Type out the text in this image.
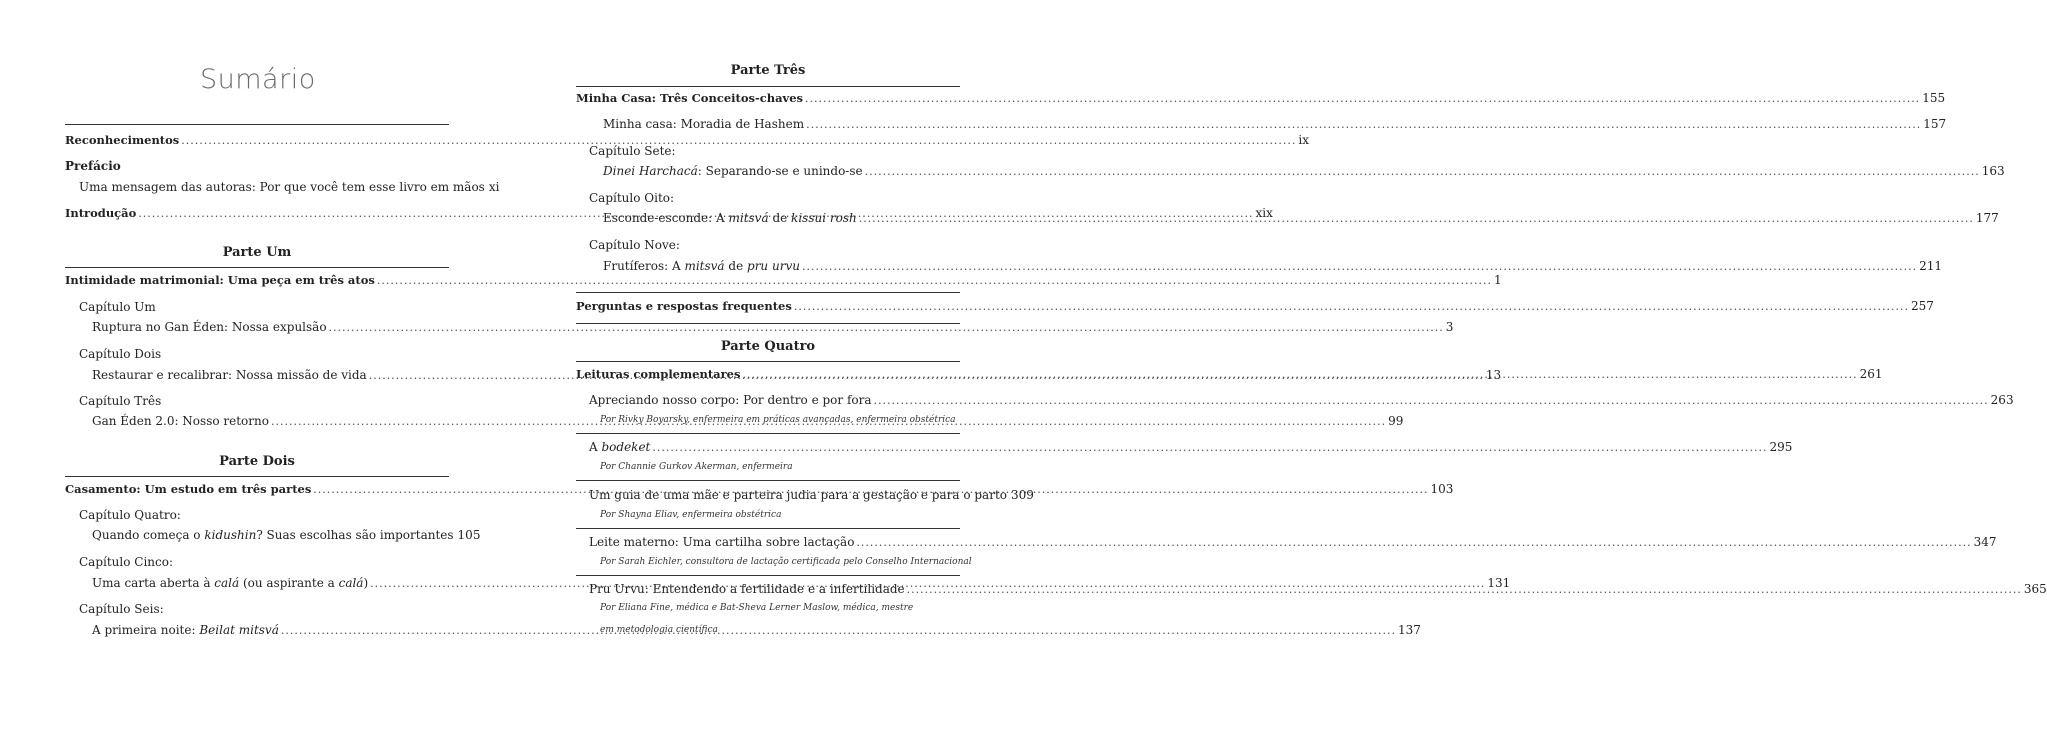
Sumário
Reconhecimentos .....	ix
Prefácio
Uma mensagem das autoras: Por que você tem esse livro em mãos xi
Introdução .....	xix
Parte Um
Intimidade matrimonial: Uma peça em três atos .....	1
Capítulo Um
Ruptura no Gan Éden: Nossa expulsão .....	3
Capítulo Dois
Restaurar e recalibrar: Nossa missão de vida .....	13
Capítulo Três
Gan Éden 2.0: Nosso retorno .....	99
Parte Dois
Casamento: Um estudo em três partes .....	103
Capítulo Quatro:
Quando começa o kidushin? Suas escolhas são importantes 105
Capítulo Cinco:
Uma carta aberta à calá (ou aspirante a calá) .....	131
Capítulo Seis:
A primeira noite: Beilat mitsvá .....	137
Parte Três
Minha Casa: Três Conceitos-chaves .....	155
Minha casa: Moradia de Hashem .....	157
Capítulo Sete:
Dinei Harchacá: Separando-se e unindo-se .....	163
Capítulo Oito:
Esconde-esconde: A mitsvá de kissui rosh .....	177
Capítulo Nove:
Frutíferos: A mitsvá de pru urvu .....	211
Perguntas e respostas frequentes .....	257
Parte Quatro
Leituras complementares .....	261
Apreciando nosso corpo: Por dentro e por fora .....	263
Por Rivky Boyarsky, enfermeira em práticas avançadas, enfermeira obstétrica
A bodeket .....	295
Por Channie Gurkov Akerman, enfermeira
Um guia de uma mãe e parteira judia para a gestação e para o parto 309
Por Shayna Eliav, enfermeira obstétrica
Leite materno: Uma cartilha sobre lactação .....	347
Por Sarah Eichler, consultora de lactação certificada pelo Conselho Internacional
Pru Urvu: Entendendo a fertilidade e a infertilidade .....	365
Por Eliana Fine, médica e Bat-Sheva Lerner Maslow, médica, mestre
em metodologia científica
